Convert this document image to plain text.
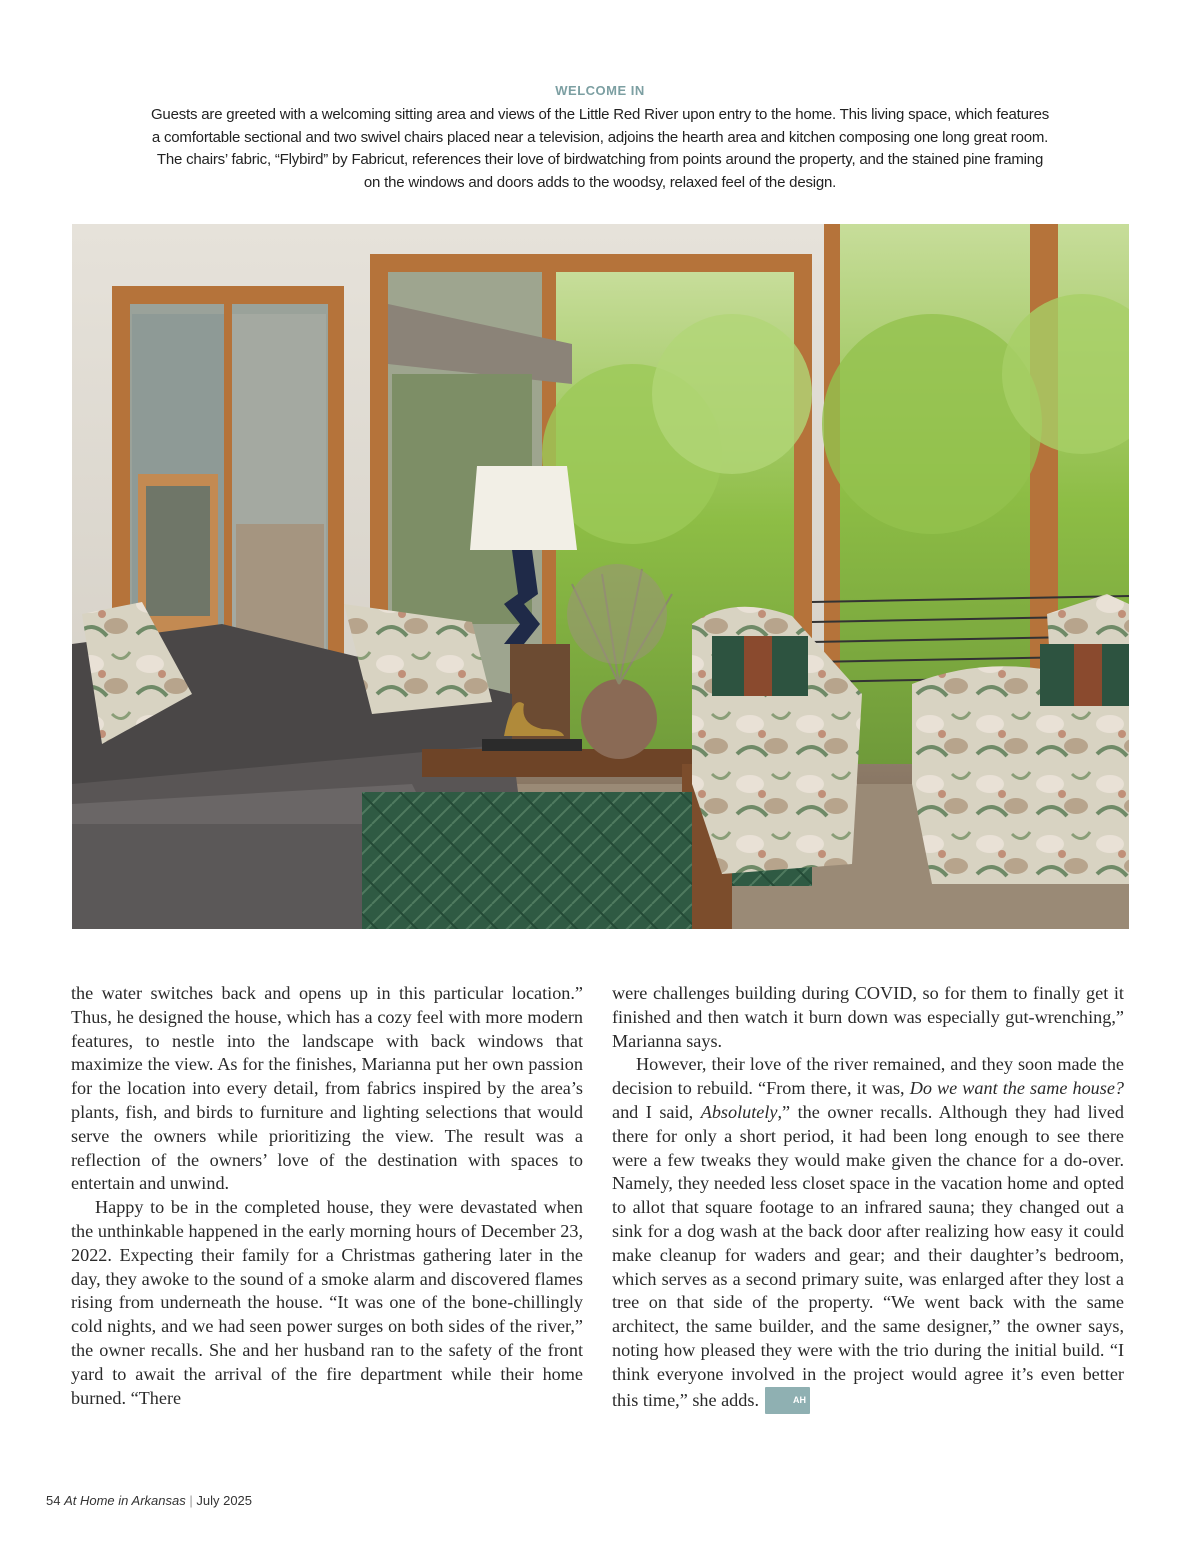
WELCOME IN
Guests are greeted with a welcoming sitting area and views of the Little Red River upon entry to the home. This living space, which features a comfortable sectional and two swivel chairs placed near a television, adjoins the hearth area and kitchen composing one long great room. The chairs’ fabric, “Flybird” by Fabricut, references their love of birdwatching from points around the property, and the stained pine framing on the windows and doors adds to the woodsy, relaxed feel of the design.

the water switches back and opens up in this particular location.” Thus, he designed the house, which has a cozy feel with more modern features, to nestle into the landscape with back windows that maximize the view. As for the finishes, Marianna put her own passion for the location into every detail, from fabrics inspired by the area’s plants, fish, and birds to furniture and lighting selections that would serve the owners while prioritizing the view. The result was a reflection of the owners’ love of the destination with spaces to entertain and unwind.

Happy to be in the completed house, they were devastated when the unthinkable happened in the early morning hours of December 23, 2022. Expecting their family for a Christmas gathering later in the day, they awoke to the sound of a smoke alarm and discovered flames rising from underneath the house. “It was one of the bone-chillingly cold nights, and we had seen power surges on both sides of the river,” the owner recalls. She and her husband ran to the safety of the front yard to await the arrival of the fire department while their home burned. “There

were challenges building during COVID, so for them to finally get it finished and then watch it burn down was especially gut-wrenching,” Marianna says.

However, their love of the river remained, and they soon made the decision to rebuild. “From there, it was, Do we want the same house? and I said, Absolutely,” the owner recalls. Although they had lived there for only a short period, it had been long enough to see there were a few tweaks they would make given the chance for a do-over. Namely, they needed less closet space in the vacation home and opted to allot that square footage to an infrared sauna; they changed out a sink for a dog wash at the back door after realizing how easy it could make cleanup for waders and gear; and their daughter’s bedroom, which serves as a second primary suite, was enlarged after they lost a tree on that side of the property. “We went back with the same architect, the same builder, and the same designer,” the owner says, noting how pleased they were with the trio during the initial build. “I think everyone involved in the project would agree it’s even better this time,” she adds.	AH

54 At Home in Arkansas | July 2025
